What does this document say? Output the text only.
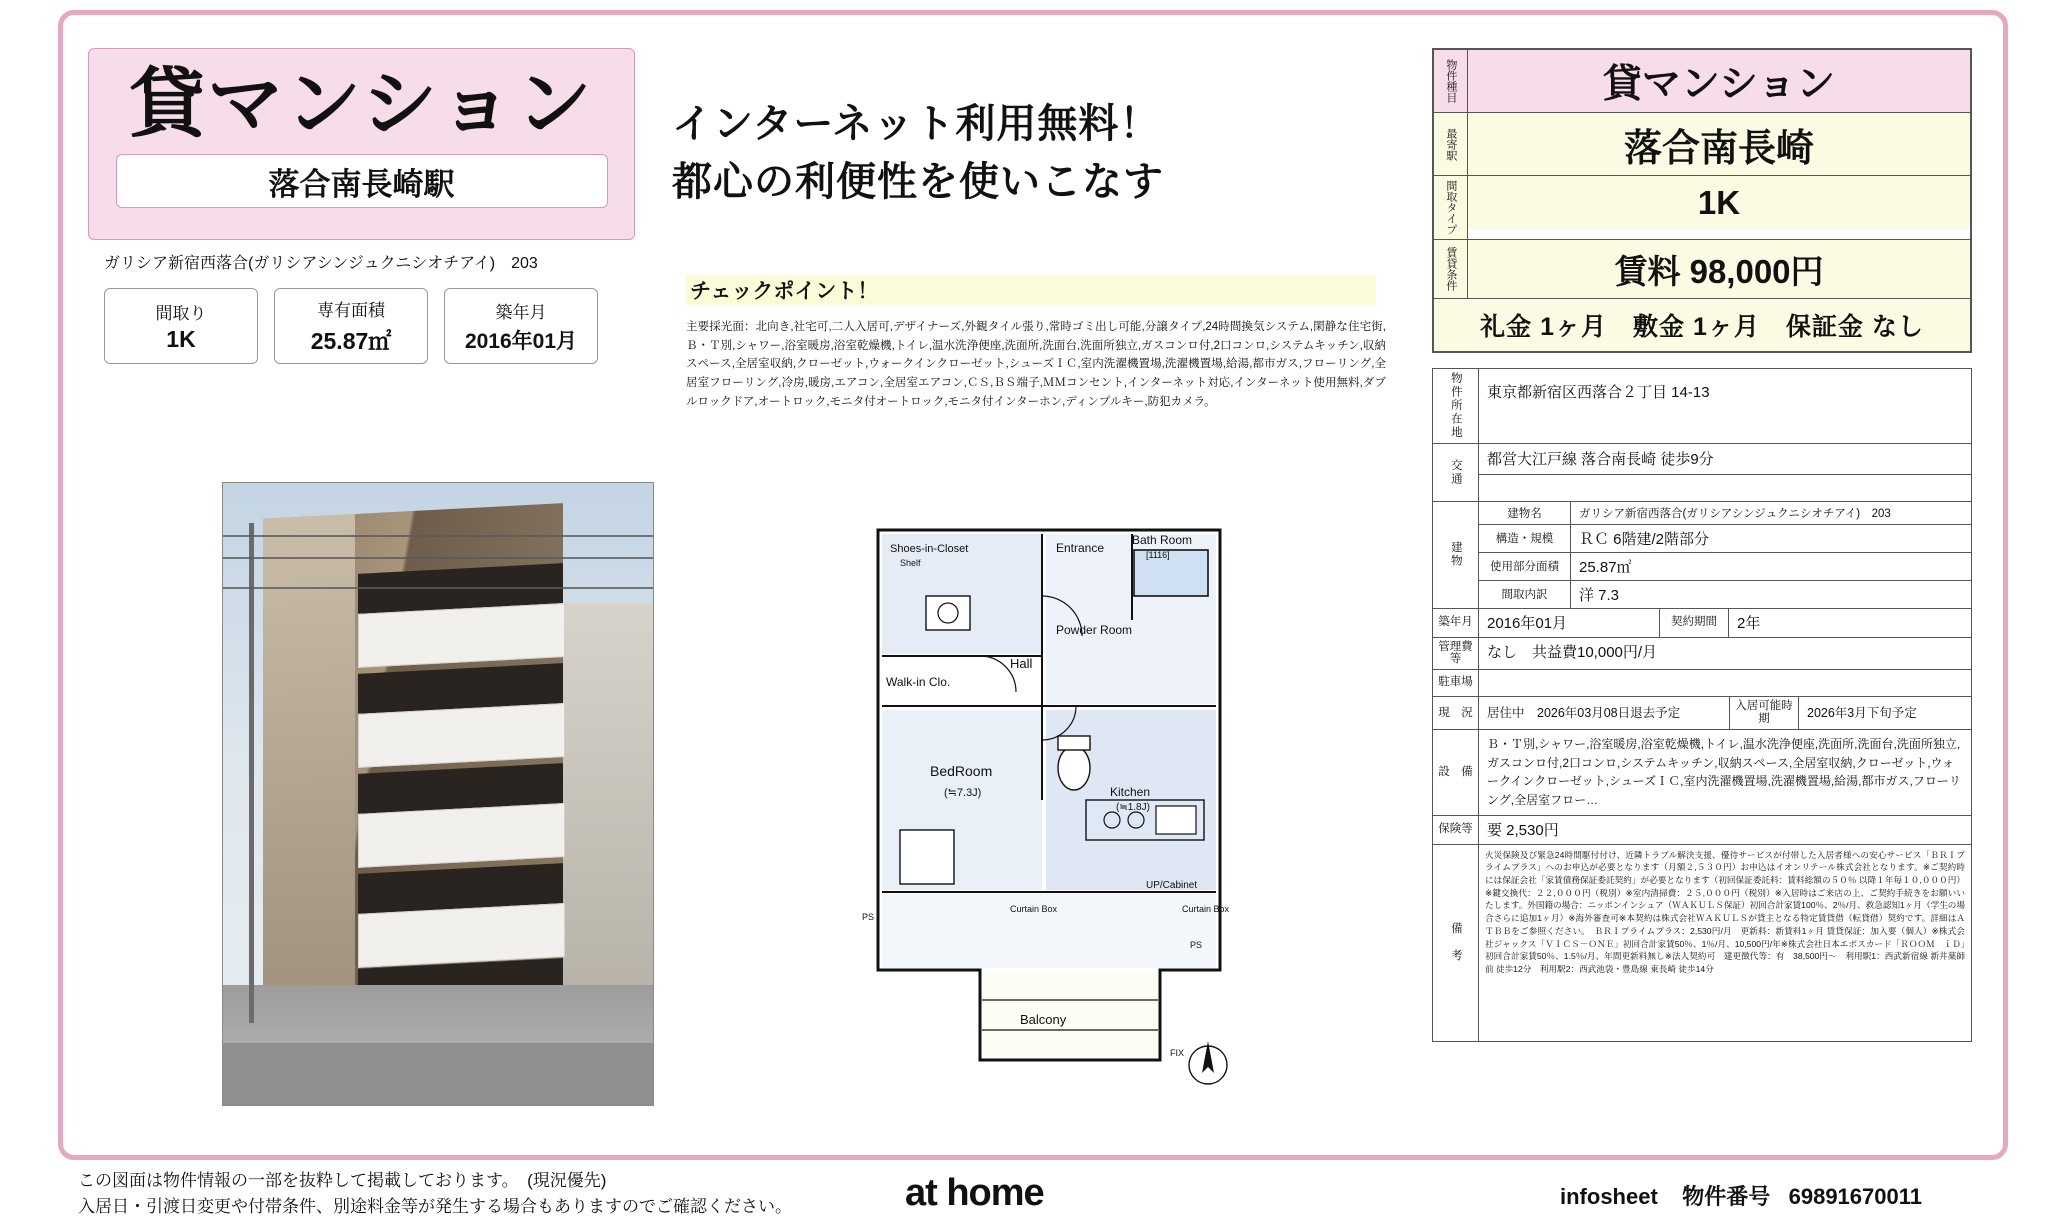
貸マンション
落合南長崎駅
ガリシア新宿西落合(ガリシアシンジュクニシオチアイ)　203
間取り
1K
専有面積
25.87㎡
築年月
2016年01月
インターネット利用無料！
都心の利便性を使いこなす
チェックポイント！
主要採光面：北向き,社宅可,二人入居可,デザイナーズ,外観タイル張り,常時ゴミ出し可能,分譲タイプ,24時間換気システム,閑静な住宅街,Ｂ・Ｔ別,シャワー,浴室暖房,浴室乾燥機,トイレ,温水洗浄便座,洗面所,洗面台,洗面所独立,ガスコンロ付,2口コンロ,システムキッチン,収納スペース,全居室収納,クローゼット,ウォークインクローゼット,シューズＩＣ,室内洗濯機置場,洗濯機置場,給湯,都市ガス,フローリング,全居室フローリング,冷房,暖房,エアコン,全居室エアコン,ＣＳ,ＢＳ端子,ＭＭコンセント,インターネット対応,インターネット使用無料,ダブルロックドア,オートロック,モニタ付オートロック,モニタ付インターホン,ディンプルキー,防犯カメラ。
Shoes-in-Closet
Shelf
Entrance
Bath Room
[1116]
Powder Room
Walk-in Clo.
Hall
Kitchen
(≒1.8J)
BedRoom
(≒7.3J)
UP/Cabinet
Curtain Box	Curtain Box
Balcony
PS
PS
FIX
物件種目	貸マンション
最寄駅	落合南長崎
間取タイプ	1K
賃貸条件	賃料 98,000円
礼金 1ヶ月　敷金 1ヶ月　保証金 なし
物件所在地	東京都新宿区西落合２丁目 14-13
交通	都営大江戸線 落合南長崎 徒歩9分
建物
建物名	ガリシア新宿西落合(ガリシアシンジュクニシオチアイ)　203
構造・規模	ＲＣ 6階建/2階部分
使用部分面積	25.87㎡
間取内訳	洋 7.3
築年月 2016年01月	契約期間	2年
管理費等	なし　共益費10,000円/月
駐車場
現　況	居住中　2026年03月08日退去予定	入居可能時期	2026年3月下旬予定
設　備
Ｂ・Ｔ別,シャワー,浴室暖房,浴室乾燥機,トイレ,温水洗浄便座,洗面所,洗面台,洗面所独立,ガスコンロ付,2口コンロ,システムキッチン,収納スペース,全居室収納,クローゼット,ウォークインクローゼット,シューズＩＣ,室内洗濯機置場,洗濯機置場,給湯,都市ガス,フローリング,全居室フロー…
保険等 要 2,530円
備　考
火災保険及び緊急24時間駆付付け、近隣トラブル解決支援、優待サービスが付帯した入居者様への安心サービス「ＢＲＩプライムプラス」へのお申込が必要となります（月額２,５３０円）お申込はイオンリテール株式会社となります。※ご契約時には保証会社「家賃債務保証委託契約」が必要となります（初回保証委託料：賃料総額の５０％ 以降１年毎１０,０００円）※鍵交換代：２２,０００円（税別）※室内清掃費：２５,０００円（税別）※入居時はご来店の上、ご契約手続きをお願いいたします。外国籍の場合：ニッポンインシュア（ＷＡＫＵＬＳ保証）初回合計家賃100％、2％/月、救急認知1ヶ月（学生の場合さらに追加1ヶ月）※海外審査可※本契約は株式会社ＷＡＫＵＬＳが貸主となる特定賃貸借（転貸借）契約です。詳細はＡＴＢＢをご参照ください。　ＢＲＩプライムプラス：2,530円/月　更新料：新賃料1ヶ月 賃貸保証：加入要（個人）※株式会社ジャックス「ＶＩＣＳ－ＯＮＥ」初回合計家賃50％、1％/月、10,500円/年※株式会社日本エポスカード「ＲＯＯＭ　ｉＤ」初回合計家賃50％、1.5％/月、年間更新料無し※法人契約可　建更徴代等：有　38,500円～　利用駅1：西武新宿線 新井薬師前 徒歩12分　利用駅2：西武池袋・豊島線 東長崎 徒歩14分
この図面は物件情報の一部を抜粋して掲載しております。　(現況優先)
入居日・引渡日変更や付帯条件、別途料金等が発生する場合もありますのでご確認ください。	at home	infosheet 物件番号 69891670011
